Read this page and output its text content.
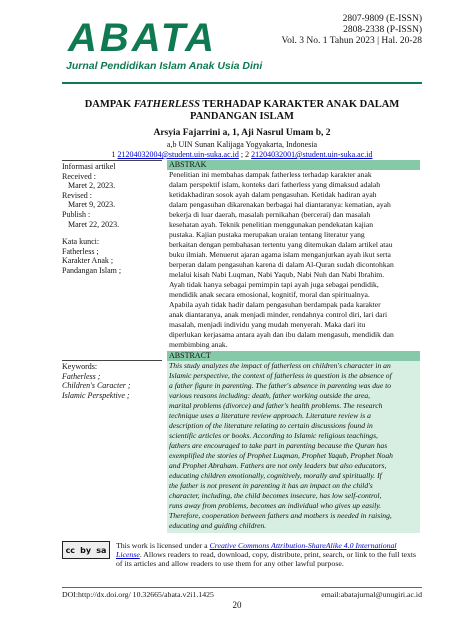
ABATA
Jurnal Pendidikan Islam Anak Usia Dini
2807-9809 (E-ISSN)
2808-2338 (P-ISSN)
Vol. 3 No. 1 Tahun 2023 | Hal. 20-28
DAMPAK FATHERLESS TERHADAP KARAKTER ANAK DALAM
PANDANGAN ISLAM
Arsyia Fajarrini a, 1, Aji Nasrul Umam b, 2
a,b UIN Sunan Kalijaga Yogyakarta, Indonesia
1 21204032004@student.uin-suka.ac.id ; 2 21204032001@student.uin-suka.ac.id
Informasi artikel
Received :
Maret 2, 2023.
Revised :
Maret 9, 2023.
Publish :
Maret 22, 2023.
Kata kunci:
Fatherless ;
Karakter Anak ;
Pandangan Islam ;
ABSTRAK
Penelitian ini membahas dampak fatherless terhadap karakter anak
dalam perspektif islam, konteks dari fatherless yang dimaksud adalah
ketidakhadiran sosok ayah dalam pengasuhan. Ketidak hadiran ayah
dalam pengasuhan dikarenakan berbagai hal diantaranya: kematian, ayah
bekerja di luar daerah, masalah pernikahan (berceraí) dan masalah
kesehatan ayah. Teknik penelitian menggunakan pendekatan kajian
pustaka. Kajian pustaka merupakan uraian tentang literatur yang
berkaitan dengan pembahasan tertentu yang ditemukan dalam artikel atau
buku ilmiah. Menuerut ajaran agama islam menganjurkan ayah ikut serta
berperan dalam pengasuhan karena di dalam Al-Quran sudah dicontohkan
melalui kisah Nabi Luqman, Nabi Yaqub, Nabi Nuh dan Nabi Ibrahim.
Ayah tidak hanya sebagai pemimpin tapi ayah juga sebagai pendidik,
mendidik anak secara emosional, kognitif, moral dan spiritualnya.
Apabila ayah tidak hadir dalam pengasuhan berdampak pada karakter
anak diantaranya, anak menjadi minder, rendahnya control diri, lari dari
masalah, menjadi individu yang mudah menyerah. Maka dari itu
diperlukan kerjasama antara ayah dan ibu dalam mengasuh, mendidik dan
membimbing anak.
Keywords:
Fatherless ;
Children's Caracter ;
Islamic Perspektive ;
ABSTRACT
This study analyzes the impact of fatherless on children's character in an
Islamic perspective, the context of fatherless in question is the absence of
a father figure in parenting. The father's absence in parenting was due to
various reasons including: death, father working outside the area,
marital problems (divorce) and father's health problems. The research
technique uses a literature review approach. Literature review is a
description of the literature relating to certain discussions found in
scientific articles or books. According to Islamic religious teachings,
fathers are encouraged to take part in parenting because the Quran has
exemplified the stories of Prophet Luqman, Prophet Yaqub, Prophet Noah
and Prophet Abraham. Fathers are not only leaders but also educators,
educating children emotionally, cognitively, morally and spiritually. If
the father is not present in parenting it has an impact on the child's
character, including, the child becomes insecure, has low self-control,
runs away from problems, becomes an individual who gives up easily.
Therefore, cooperation between fathers and mothers is needed in raising,
educating and guiding children.
cc by sa This work is licensed under a Creative Commons Attribution-ShareAlike 4.0 International License. Allows readers to read, download, copy, distribute, print, search, or link to the full texts of its articles and allow readers to use them for any other lawful purpose.
DOI:http://dx.doi.org/ 10.32665/abata.v2i1.1425	email:abatajurnal@unugiri.ac.id
20
